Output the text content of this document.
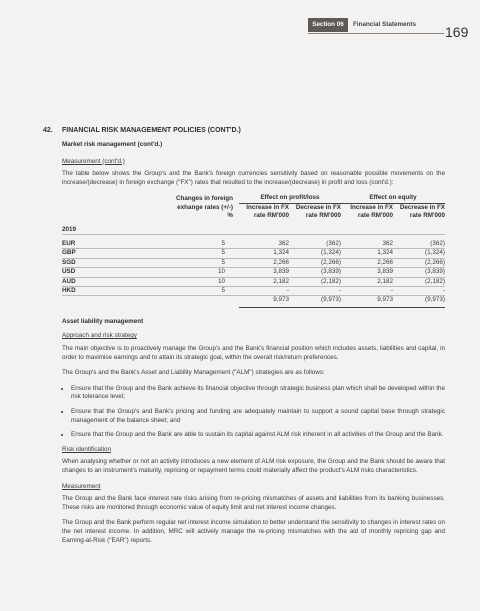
Section 06	Financial Statements 169
42. FINANCIAL RISK MANAGEMENT POLICIES (CONT'D.)
Market risk management (cont'd.)
Measurement (cont'd.)
The table below shows the Group's and the Bank's foreign currencies sensitivity based on reasonable possible movements on the increase/(decrease) in foreign exchange ("FX") rates that resulted to the increase/(decrease) in profit and loss (cont'd.):
	Changes in foreign exhange rates (+/-) %	Effect on profit/loss		Effect on equity	
		Increase in FX rate RM'000	Decrease in FX rate RM'000	Increase in FX rate RM'000	Decrease in FX rate RM'000

2019					

EUR	5	362	(362)	362	(362)
GBP	5	1,324	(1,324)	1,324	(1,324)
SGD	5	2,266	(2,266)	2,266	(2,266)
USD	10	3,839	(3,839)	3,839	(3,839)
AUD	10	2,182	(2,182)	2,182	(2,182)
HKD	5	-	-	-	-
		9,973	(9,973)	9,973	(9,973)

Asset liability management
Approach and risk strategy
The main objective is to proactively manage the Group's and the Bank's financial position which includes assets, liabilities and capital, in order to maximise earnings and to attain its strategic goal, within the overall risk/return preferences.
The Group's and the Bank's Asset and Liability Management ("ALM") strategies are as follows:
• Ensure that the Group and the Bank achieve its financial objective through strategic business plan which shall be developed within the risk tolerance level;
• Ensure that the Group's and Bank's pricing and funding are adequately maintain to support a sound capital base through strategic management of the balance sheet; and
• Ensure that the Group and the Bank are able to sustain its capital against ALM risk inherent in all activities of the Group and the Bank.
Risk identification
When analysing whether or not an activity introduces a new element of ALM risk exposure, the Group and the Bank should be aware that changes to an instrument's maturity, repricing or repayment terms could materially affect the product's ALM risks characteristics.
Measurement
The Group and the Bank face interest rate risks arising from re-pricing mismatches of assets and liabilities from its banking businesses. These risks are monitored through economic value of equity limit and net interest income changes.
The Group and the Bank perform regular net interest income simulation to better understand the sensitivity to changes in interest rates on the net interest income. In addition, MRC will actively manage the re-pricing mismatches with the aid of monthly repricing gap and Earning-at-Risk ("EAR") reports.
